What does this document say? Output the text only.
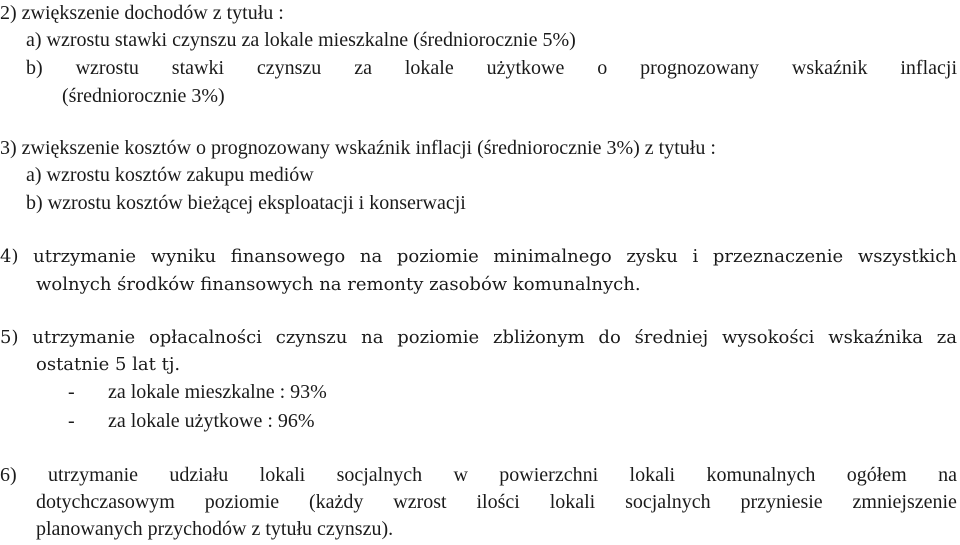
2) zwiększenie dochodów z tytułu :
a) wzrostu stawki czynszu za lokale mieszkalne (średniorocznie 5%)
b) wzrostu stawki czynszu za lokale użytkowe o prognozowany wskaźnik inflacji
(średniorocznie 3%)
3) zwiększenie kosztów o prognozowany wskaźnik inflacji (średniorocznie 3%) z tytułu :
a) wzrostu kosztów zakupu mediów
b) wzrostu kosztów bieżącej eksploatacji i konserwacji
4) utrzymanie wyniku finansowego na poziomie minimalnego zysku i przeznaczenie wszystkich
wolnych środków finansowych na remonty zasobów komunalnych.
5) utrzymanie opłacalności czynszu na poziomie zbliżonym do średniej wysokości wskaźnika za
ostatnie 5 lat tj.
- za lokale mieszkalne : 93%
- za lokale użytkowe : 96%
6) utrzymanie udziału lokali socjalnych w powierzchni lokali komunalnych ogółem na
dotychczasowym poziomie (każdy wzrost ilości lokali socjalnych przyniesie zmniejszenie
planowanych przychodów z tytułu czynszu).
